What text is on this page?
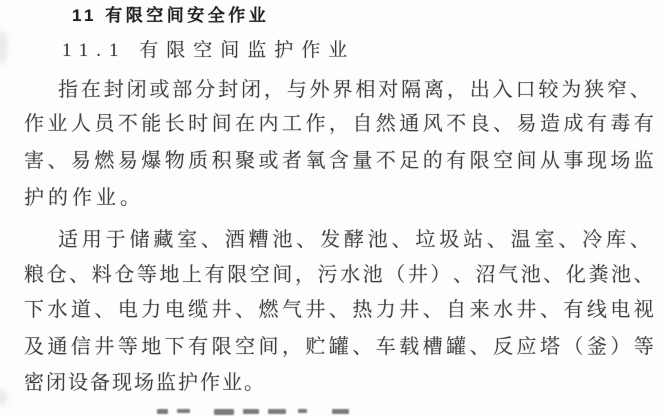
11 有限空间安全作业
11.1 有限空间监护作业
指 在 封 闭 或 部 分 封 闭 ， 与 外 界 相 对 隔 离 ， 出 入 口 较 为 狭 窄 、
作 业 人 员 不 能 长 时 间 在 内 工 作 ， 自 然 通 风 不 良 、 易 造 成 有 毒 有
害 、 易 燃 易 爆 物 质 积 聚 或 者 氧 含 量 不 足 的 有 限 空 间 从 事 现 场 监
护的作业。
适 用 于 储 藏 室 、 酒 糟 池 、 发 酵 池 、 垃 圾 站 、 温 室 、 冷 库 、
粮 仓 、 料 仓 等 地 上 有 限 空 间 ， 污 水 池 （ 井 ） 、 沼 气 池 、 化 粪 池 、
下 水 道 、 电 力 电 缆 井 、 燃 气 井 、 热 力 井 、 自 来 水 井 、 有 线 电 视
及 通 信 井 等 地 下 有 限 空 间 ， 贮 罐 、 车 载 槽 罐 、 反 应 塔 （ 釜 ） 等
密闭设备现场监护作业。
